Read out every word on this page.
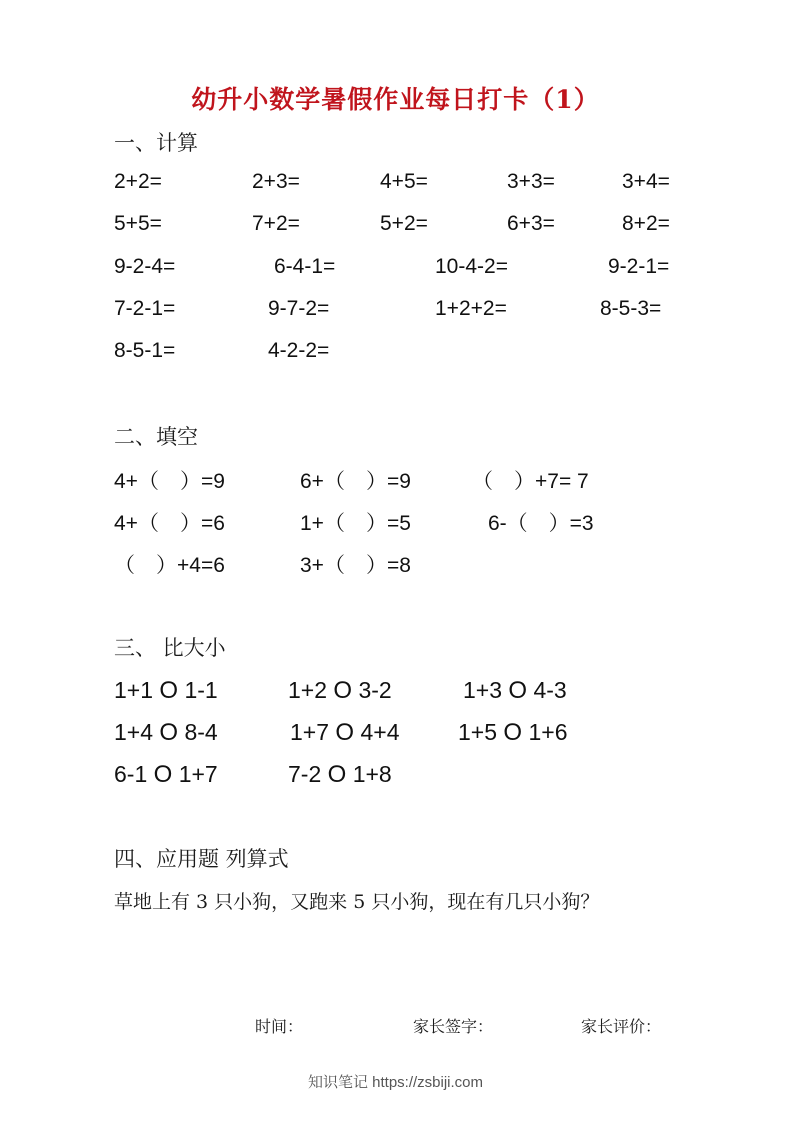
幼升小数学暑假作业每日打卡（1）
一、计算
2+2=	2+3=	4+5=	3+3=	3+4=
5+5=	7+2=	5+2=	6+3=	8+2=
9-2-4=	6-4-1=	10-4-2=	9-2-1=
7-2-1=	9-7-2=	1+2+2=	8-5-3=
8-5-1=	4-2-2=
二、填空
4+（　）=9	6+（　）=9	（　）+7= 7
4+（　）=6	1+（　）=5	6-（　）=3
（　）+4=6	3+（　）=8
三、 比大小
1+1 O 1-1	1+2 O 3-2	1+3 O 4-3
1+4 O 8-4	1+7 O 4+4	1+5 O 1+6
6-1 O 1+7	7-2 O 1+8
四、应用题 列算式
草地上有 3 只小狗，又跑来 5 只小狗，现在有几只小狗？
时间：	家长签字：	家长评价：
知识笔记 https://zsbiji.com
